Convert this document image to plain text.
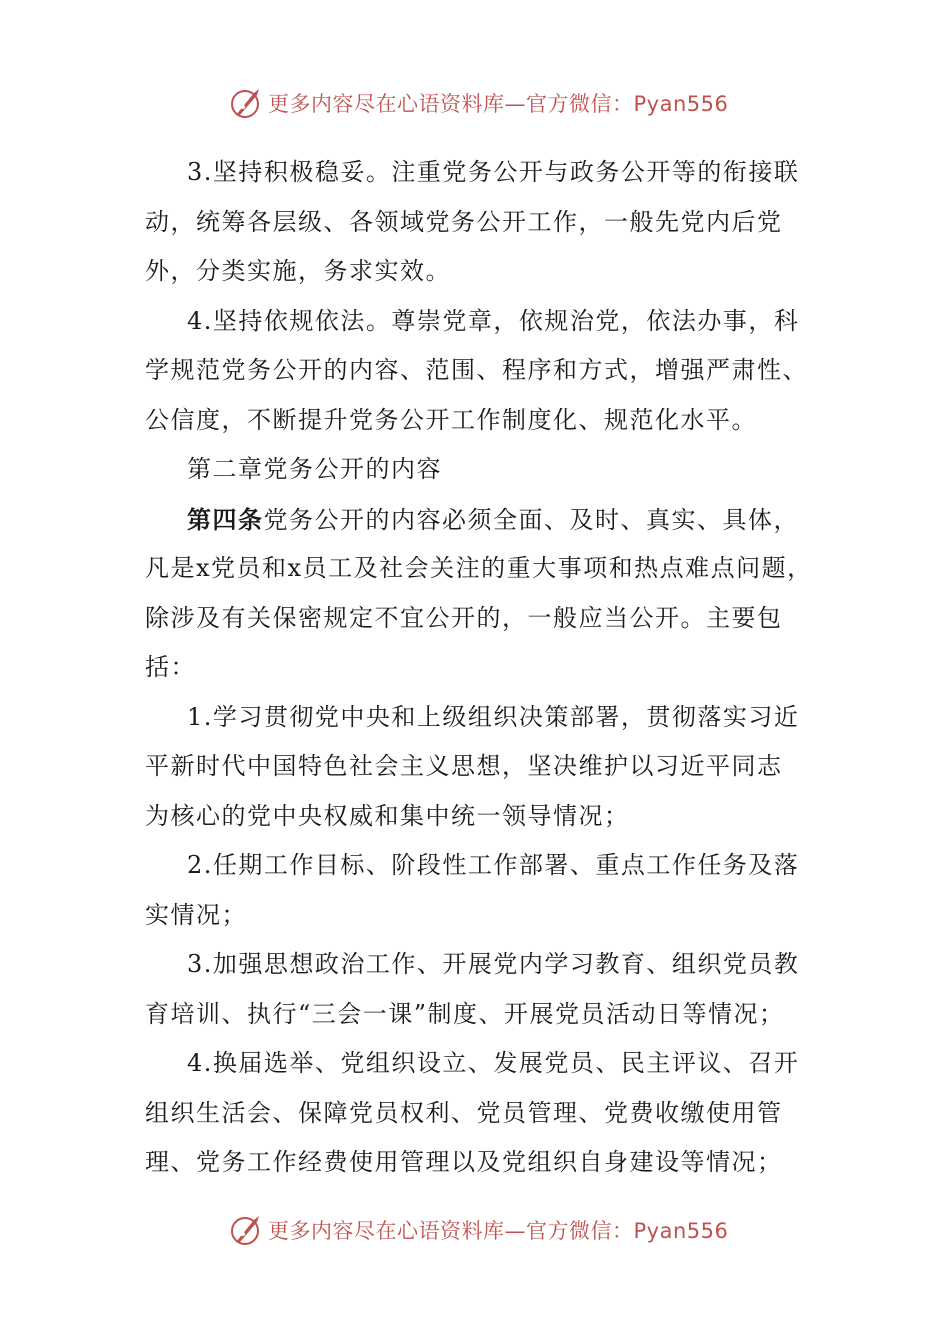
更多内容尽在心语资料库—官方微信：Pyan556
3.坚持积极稳妥。注重党务公开与政务公开等的衔接联
动，统筹各层级、各领域党务公开工作，一般先党内后党
外，分类实施，务求实效。
4.坚持依规依法。尊崇党章，依规治党，依法办事，科
学规范党务公开的内容、范围、程序和方式，增强严肃性、
公信度，不断提升党务公开工作制度化、规范化水平。
第二章党务公开的内容
第四条党务公开的内容必须全面、及时、真实、具体，
凡是x党员和x员工及社会关注的重大事项和热点难点问题，
除涉及有关保密规定不宜公开的，一般应当公开。主要包
括：
1.学习贯彻党中央和上级组织决策部署，贯彻落实习近
平新时代中国特色社会主义思想，坚决维护以习近平同志
为核心的党中央权威和集中统一领导情况；
2.任期工作目标、阶段性工作部署、重点工作任务及落
实情况；
3.加强思想政治工作、开展党内学习教育、组织党员教
育培训、执行“三会一课”制度、开展党员活动日等情况；
4.换届选举、党组织设立、发展党员、民主评议、召开
组织生活会、保障党员权利、党员管理、党费收缴使用管
理、党务工作经费使用管理以及党组织自身建设等情况；
更多内容尽在心语资料库—官方微信：Pyan556
